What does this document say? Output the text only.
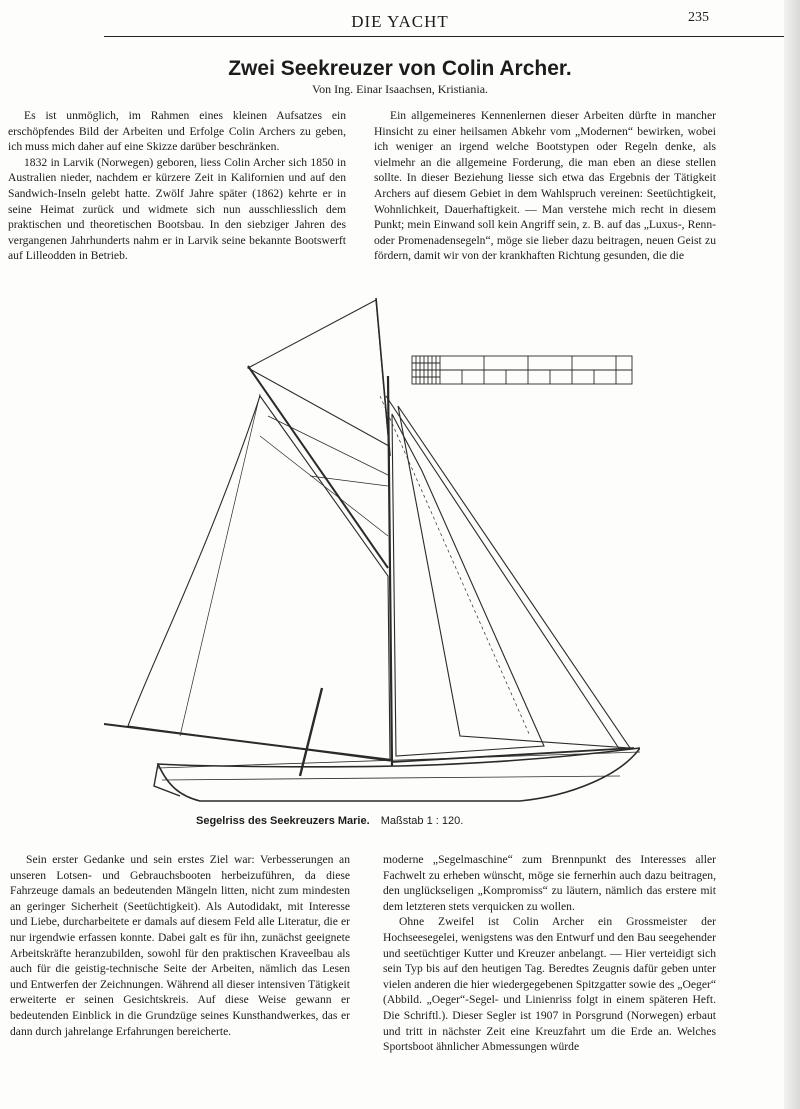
DIE YACHT	235
Zwei Seekreuzer von Colin Archer.
Von Ing. Einar Isaachsen, Kristiania.

Es ist unmöglich, im Rahmen eines kleinen Aufsatzes ein erschöpfendes Bild der Arbeiten und Erfolge Colin Archers zu geben, ich muss mich daher auf eine Skizze darüber beschränken.

1832 in Larvik (Norwegen) geboren, liess Colin Archer sich 1850 in Australien nieder, nachdem er kürzere Zeit in Kalifornien und auf den Sandwich-Inseln gelebt hatte. Zwölf Jahre später (1862) kehrte er in seine Heimat zurück und widmete sich nun ausschliesslich dem praktischen und theoretischen Bootsbau. In den siebziger Jahren des vergangenen Jahrhunderts nahm er in Larvik seine bekannte Bootswerft auf Lilleodden in Betrieb.

Ein allgemeineres Kennenlernen dieser Arbeiten dürfte in mancher Hinsicht zu einer heilsamen Abkehr vom „Modernen“ bewirken, wobei ich weniger an irgend welche Bootstypen oder Regeln denke, als vielmehr an die allgemeine Forderung, die man eben an diese stellen sollte. In dieser Beziehung liesse sich etwa das Ergebnis der Tätigkeit Archers auf diesem Gebiet in dem Wahlspruch vereinen: Seetüchtigkeit, Wohnlichkeit, Dauerhaftigkeit. — Man verstehe mich recht in diesem Punkt; mein Einwand soll kein Angriff sein, z. B. auf das „Luxus-, Renn- oder Promenadensegeln“, möge sie lieber dazu beitragen, neuen Geist zu fördern, damit wir von der krankhaften Richtung gesunden, die die

Segelriss des Seekreuzers Marie. Maßstab 1 : 120.

Sein erster Gedanke und sein erstes Ziel war: Verbesserungen an unseren Lotsen- und Gebrauchsbooten herbeizuführen, da diese Fahrzeuge damals an bedeutenden Mängeln litten, nicht zum mindesten an geringer Sicherheit (Seetüchtigkeit). Als Autodidakt, mit Interesse und Liebe, durcharbeitete er damals auf diesem Feld alle Literatur, die er nur irgendwie erfassen konnte. Dabei galt es für ihn, zunächst geeignete Arbeitskräfte heranzubilden, sowohl für den praktischen Kraveelbau als auch für die geistig-technische Seite der Arbeiten, nämlich das Lesen und Entwerfen der Zeichnungen. Während all dieser intensiven Tätigkeit erweiterte er seinen Gesichtskreis. Auf diese Weise gewann er bedeutenden Einblick in die Grundzüge seines Kunsthandwerkes, das er dann durch jahrelange Erfahrungen bereicherte.

moderne „Segelmaschine“ zum Brennpunkt des Interesses aller Fachwelt zu erheben wünscht, möge sie fernerhin auch dazu beitragen, den unglückseligen „Kompromiss“ zu läutern, nämlich das erstere mit dem letzteren stets verquicken zu wollen.

Ohne Zweifel ist Colin Archer ein Grossmeister der Hochseesegelei, wenigstens was den Entwurf und den Bau seegehender und seetüchtiger Kutter und Kreuzer anbelangt. — Hier verteidigt sich sein Typ bis auf den heutigen Tag. Beredtes Zeugnis dafür geben unter vielen anderen die hier wiedergegebenen Spitzgatter sowie des „Oeger“ (Abbild. „Oeger“-Segel- und Linienriss folgt in einem späteren Heft. Die Schriftl.). Dieser Segler ist 1907 in Porsgrund (Norwegen) erbaut und tritt in nächster Zeit eine Kreuzfahrt um die Erde an. Welches Sportsboot ähnlicher Abmessungen würde
